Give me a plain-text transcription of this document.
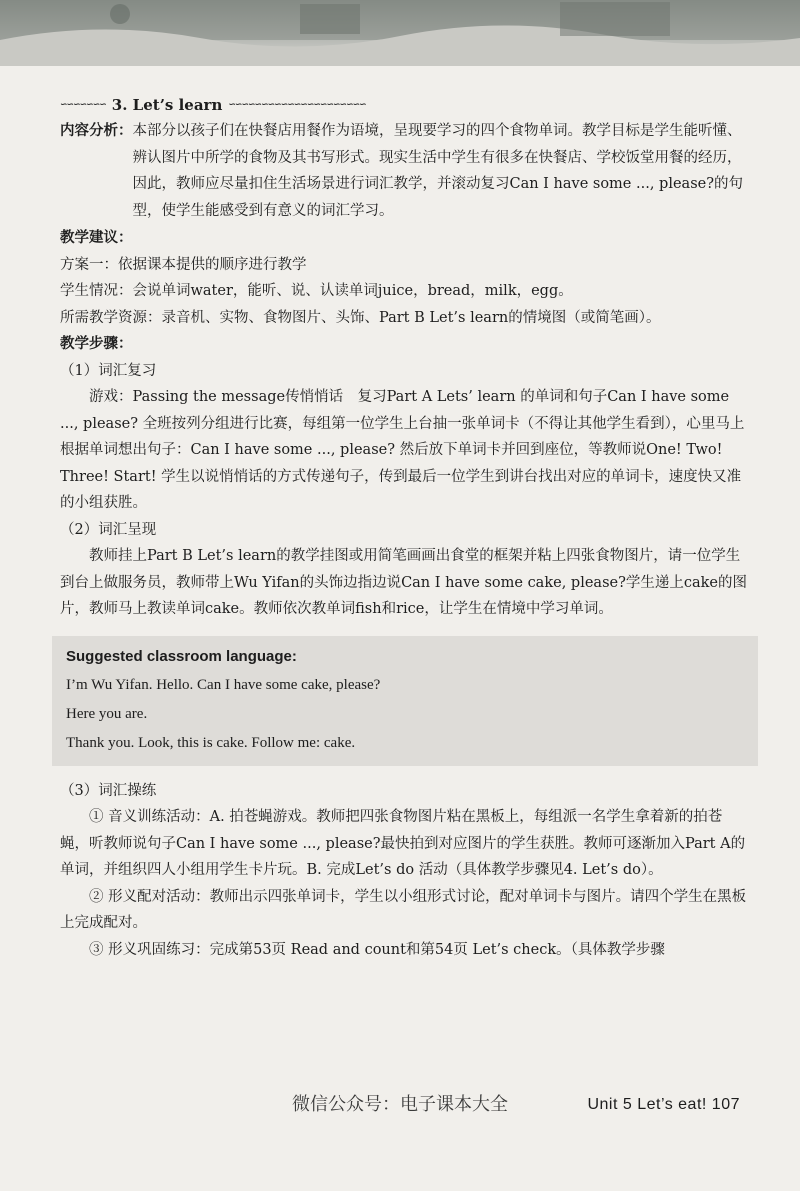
∽∽∽∽∽∽∽ 3. Let’s learn ∽∽∽∽∽∽∽∽∽∽∽∽∽∽∽∽∽∽∽∽∽

内容分析： 本部分以孩子们在快餐店用餐作为语境，呈现要学习的四个食物单词。教学目标是学生能听懂、辨认图片中所学的食物及其书写形式。现实生活中学生有很多在快餐店、学校饭堂用餐的经历，因此，教师应尽量扣住生活场景进行词汇教学，并滚动复习Can I have some ..., please?的句型，使学生能感受到有意义的词汇学习。

教学建议：

方案一：依据课本提供的顺序进行教学

学生情况：会说单词water，能听、说、认读单词juice，bread，milk，egg。

所需教学资源：录音机、实物、食物图片、头饰、Part B Let’s learn的情境图（或简笔画）。

教学步骤：

（1）词汇复习

游戏：Passing the message传悄悄话　复习Part A Lets’ learn 的单词和句子Can I have some ..., please? 全班按列分组进行比赛，每组第一位学生上台抽一张单词卡（不得让其他学生看到），心里马上根据单词想出句子：Can I have some ..., please? 然后放下单词卡并回到座位，等教师说One! Two! Three! Start! 学生以说悄悄话的方式传递句子，传到最后一位学生到讲台找出对应的单词卡，速度快又准的小组获胜。

（2）词汇呈现

教师挂上Part B Let’s learn的教学挂图或用简笔画画出食堂的框架并粘上四张食物图片，请一位学生到台上做服务员，教师带上Wu Yifan的头饰边指边说Can I have some cake, please?学生递上cake的图片，教师马上教读单词cake。教师依次教单词fish和rice，让学生在情境中学习单词。

Suggested classroom language:

I’m Wu Yifan. Hello. Can I have some cake, please?

Here you are.

Thank you. Look, this is cake. Follow me: cake.

（3）词汇操练

① 音义训练活动：A. 拍苍蝇游戏。教师把四张食物图片粘在黑板上，每组派一名学生拿着新的拍苍蝇，听教师说句子Can I have some ..., please?最快拍到对应图片的学生获胜。教师可逐渐加入Part A的单词，并组织四人小组用学生卡片玩。B. 完成Let’s do 活动（具体教学步骤见4. Let’s do）。

② 形义配对活动：教师出示四张单词卡，学生以小组形式讨论，配对单词卡与图片。请四个学生在黑板上完成配对。

③ 形义巩固练习：完成第53页 Read and count和第54页 Let’s check。（具体教学步骤

Unit 5 Let’s eat! 107
微信公众号：电子课本大全
